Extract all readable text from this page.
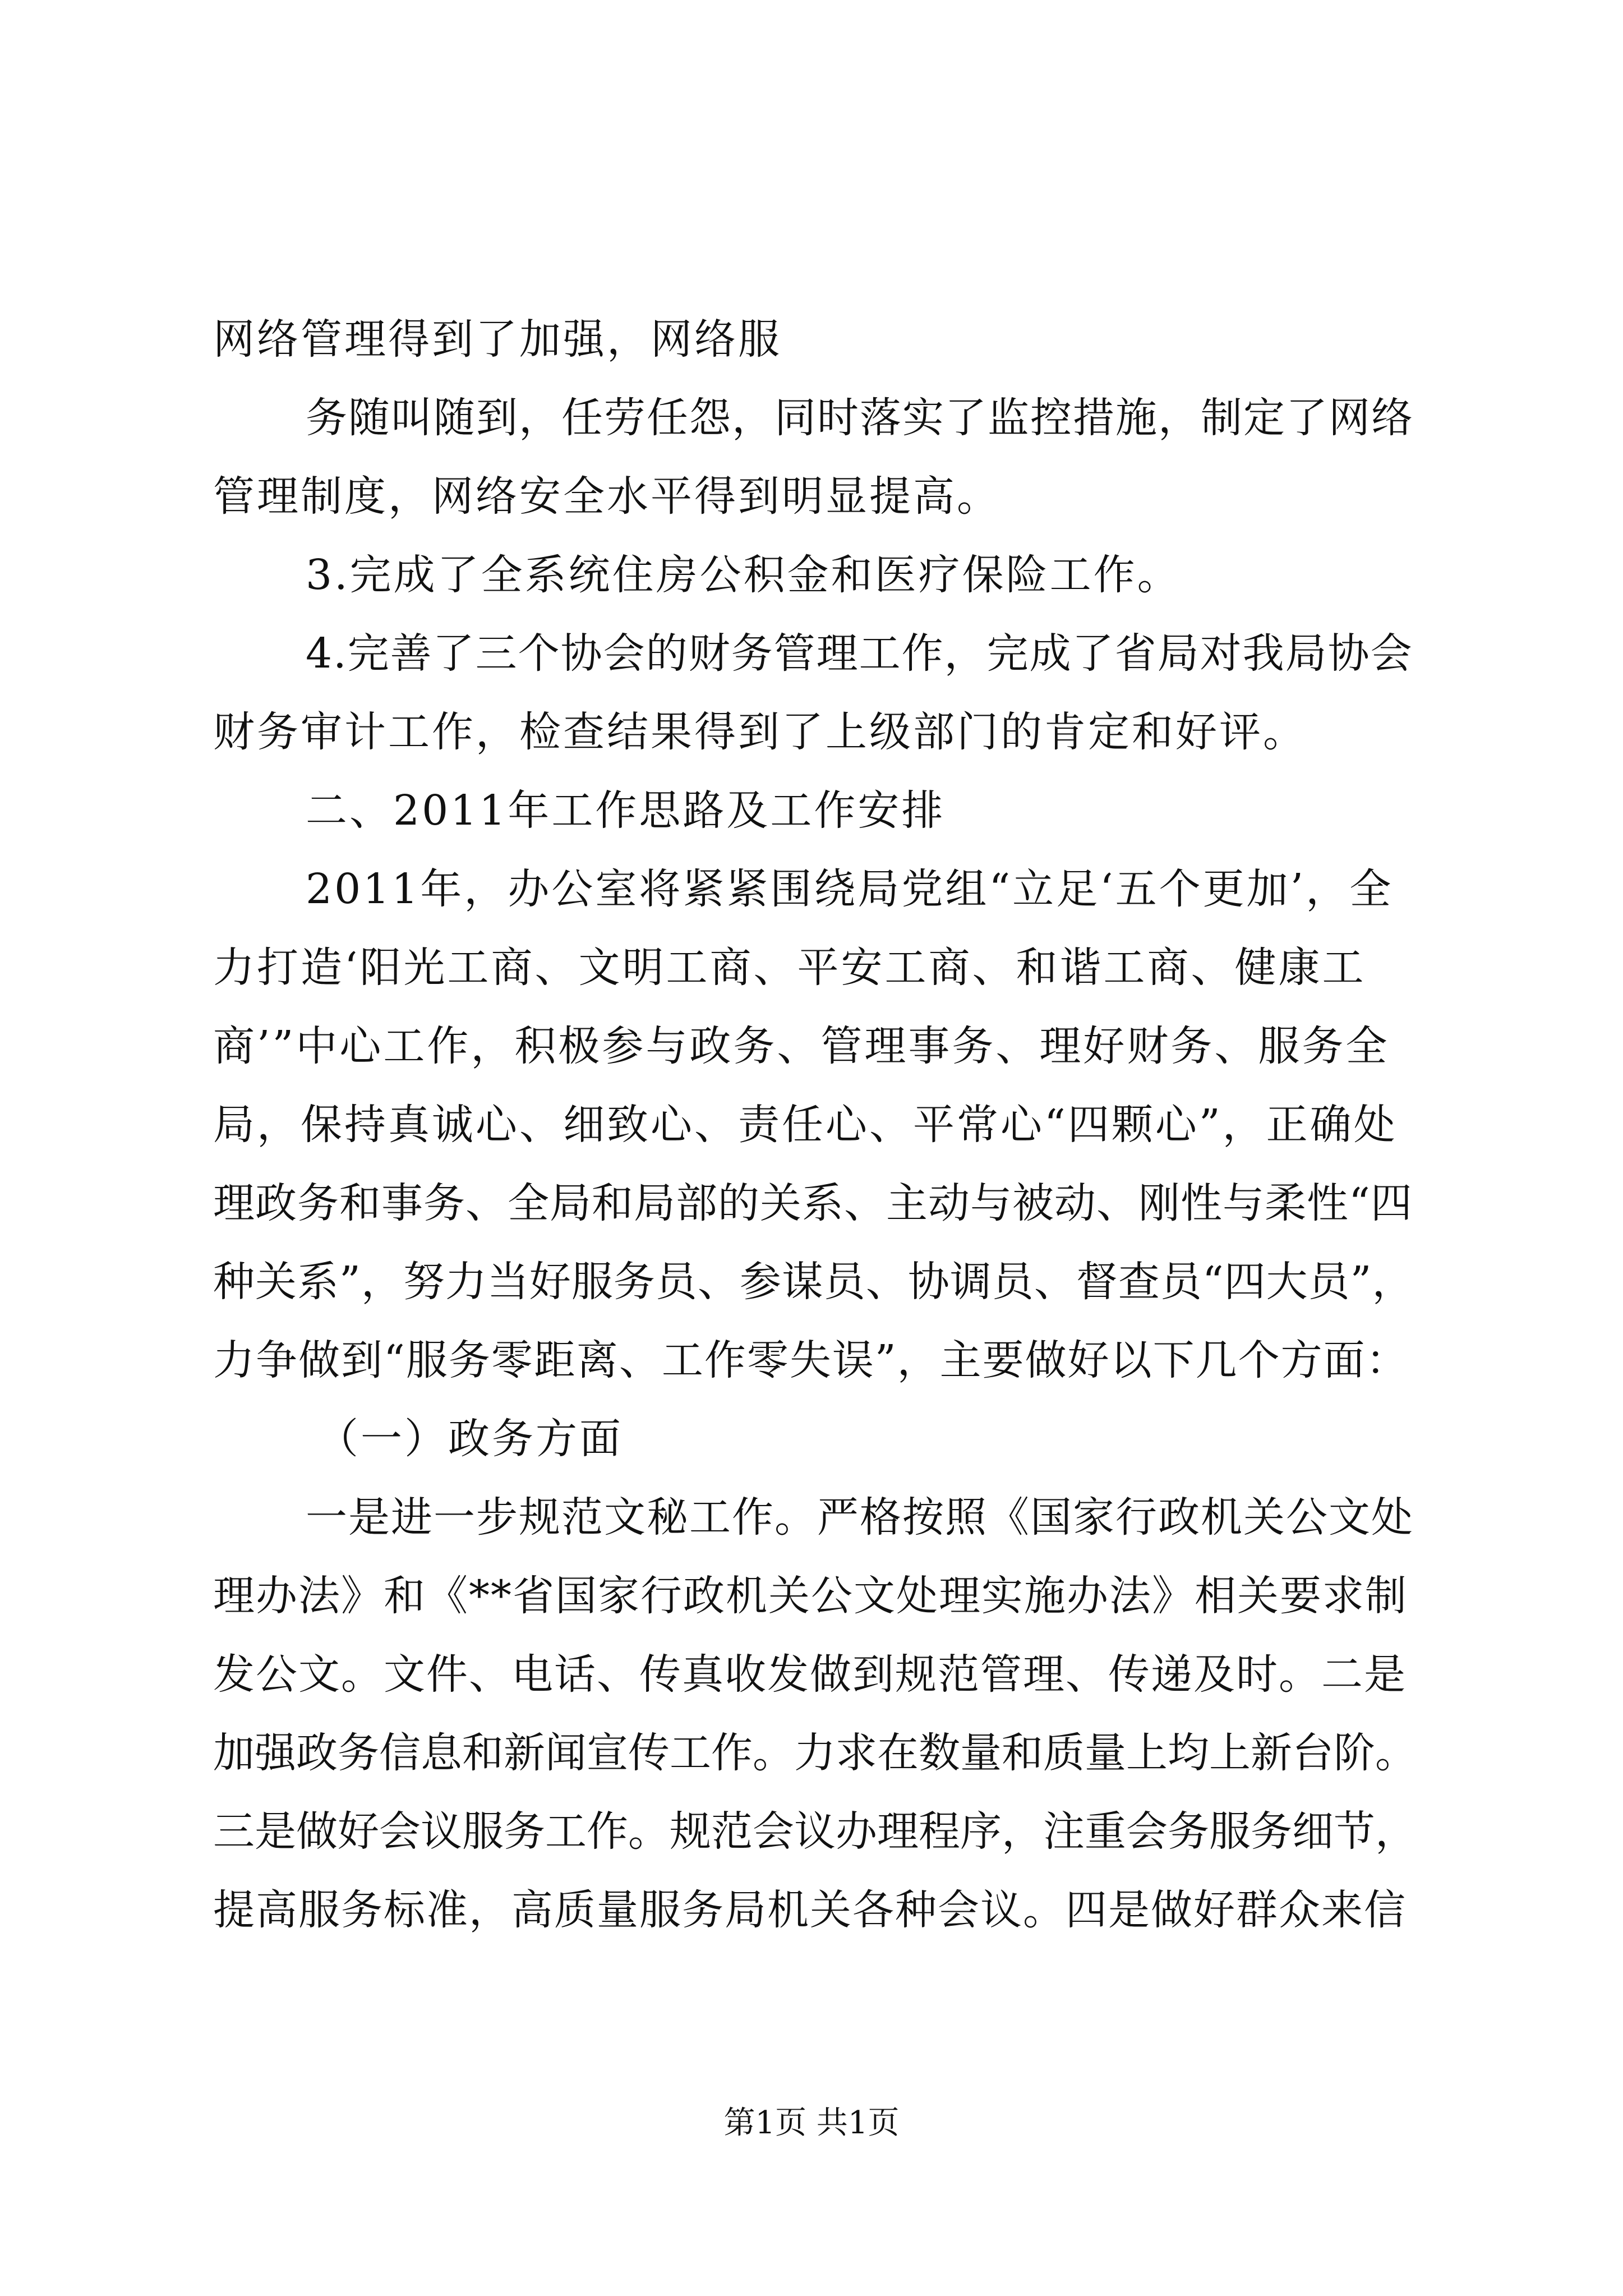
网络管理得到了加强，网络服
务随叫随到，任劳任怨，同时落实了监控措施，制定了网络
管理制度，网络安全水平得到明显提高。
3.完成了全系统住房公积金和医疗保险工作。
4.完善了三个协会的财务管理工作，完成了省局对我局协会
财务审计工作，检查结果得到了上级部门的肯定和好评。
二、2011年工作思路及工作安排
2011年，办公室将紧紧围绕局党组“立足‘五个更加’，全
力打造‘阳光工商、文明工商、平安工商、和谐工商、健康工
商’”中心工作，积极参与政务、管理事务、理好财务、服务全
局，保持真诚心、细致心、责任心、平常心“四颗心”，正确处
理政务和事务、全局和局部的关系、主动与被动、刚性与柔性“四
种关系”，努力当好服务员、参谋员、协调员、督查员“四大员”，
力争做到“服务零距离、工作零失误”，主要做好以下几个方面：
（一）政务方面
一是进一步规范文秘工作。严格按照《国家行政机关公文处
理办法》和《**省国家行政机关公文处理实施办法》相关要求制
发公文。文件、电话、传真收发做到规范管理、传递及时。二是
加强政务信息和新闻宣传工作。力求在数量和质量上均上新台阶。
三是做好会议服务工作。规范会议办理程序，注重会务服务细节，
提高服务标准，高质量服务局机关各种会议。四是做好群众来信
第1页 共1页
